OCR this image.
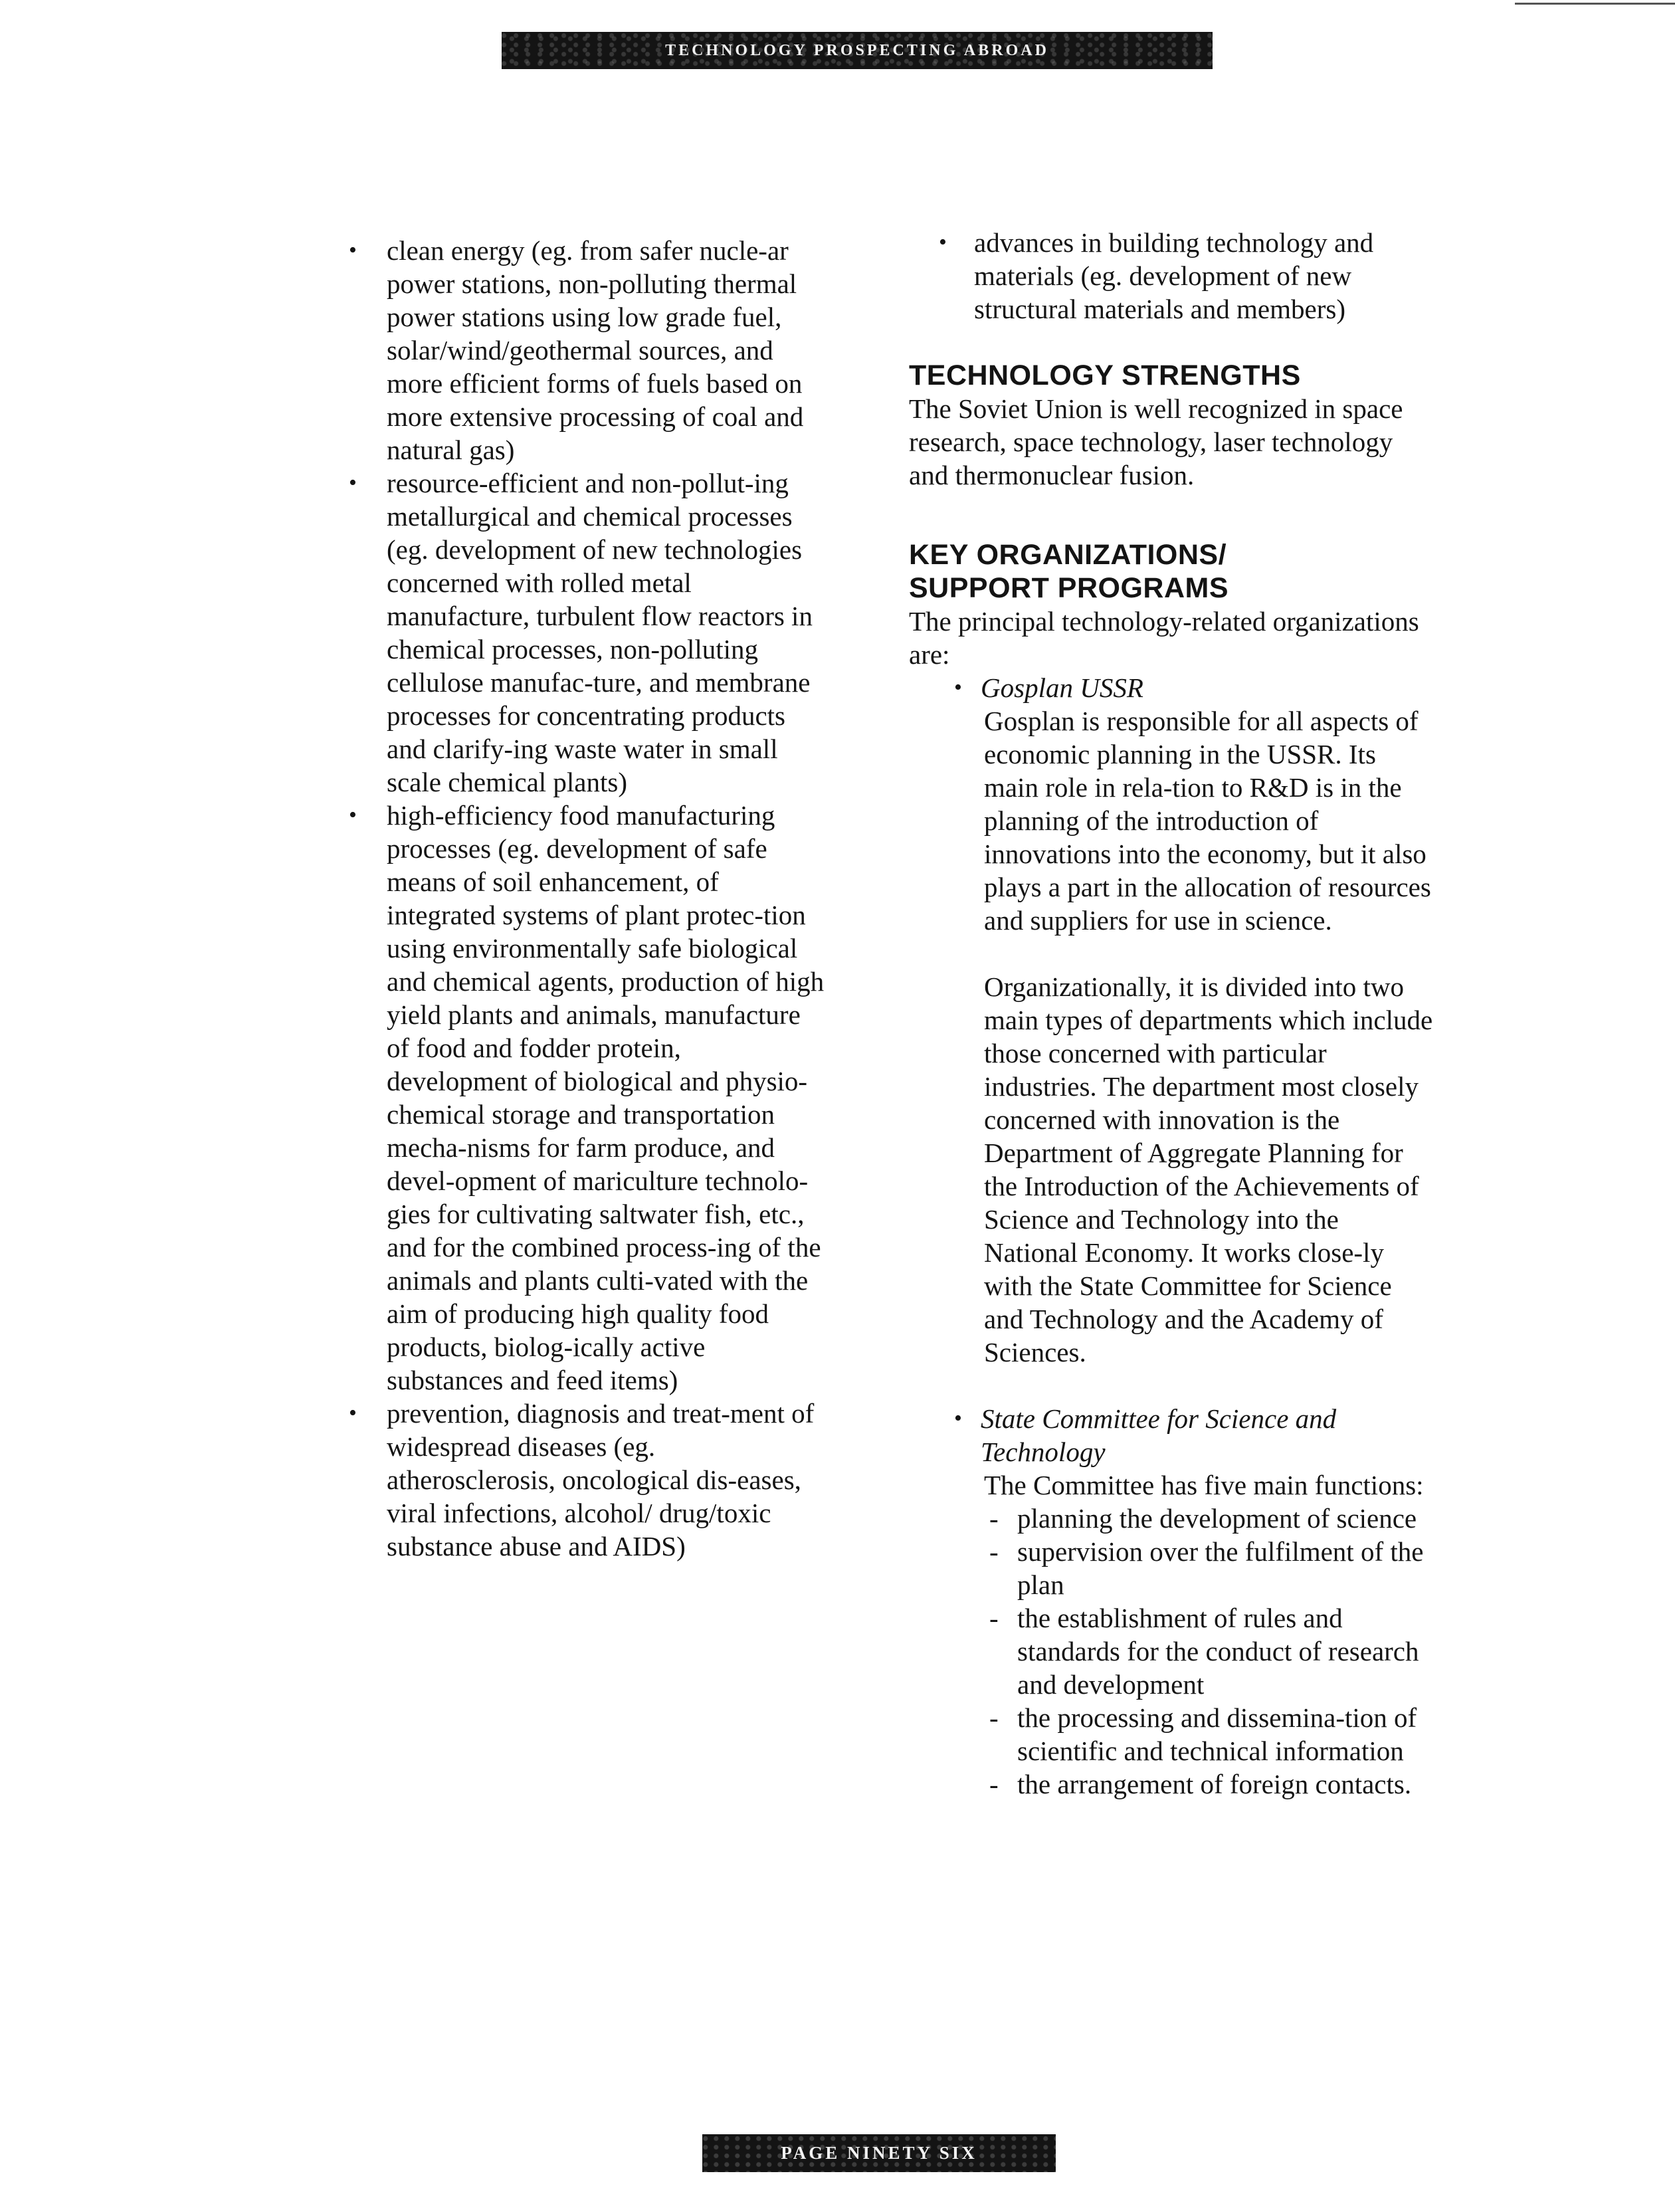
TECHNOLOGY PROSPECTING ABROAD
• clean energy (eg. from safer nucle-ar power stations, non-polluting thermal power stations using low grade fuel, solar/wind/geothermal sources, and more efficient forms of fuels based on more extensive processing of coal and natural gas)
• resource-efficient and non-pollut-ing metallurgical and chemical processes (eg. development of new technologies concerned with rolled metal manufacture, turbulent flow reactors in chemical processes, non-polluting cellulose manufac-ture, and membrane processes for concentrating products and clarify-ing waste water in small scale chemical plants)
• high-efficiency food manufacturing processes (eg. development of safe means of soil enhancement, of integrated systems of plant protec-tion using environmentally safe biological and chemical agents, production of high yield plants and animals, manufacture of food and fodder protein, development of biological and physio-chemical storage and transportation mecha-nisms for farm produce, and devel-opment of mariculture technolo-gies for cultivating saltwater fish, etc., and for the combined process-ing of the animals and plants culti-vated with the aim of producing high quality food products, biolog-ically active substances and feed items)
• prevention, diagnosis and treat-ment of widespread diseases (eg. atherosclerosis, oncological dis-eases, viral infections, alcohol/ drug/toxic substance abuse and AIDS)
• advances in building technology and materials (eg. development of new structural materials and members)
TECHNOLOGY STRENGTHS

The Soviet Union is well recognized in space research, space technology, laser technology and thermonuclear fusion.

KEY ORGANIZATIONS/
SUPPORT PROGRAMS

The principal technology-related organizations are:

• Gosplan USSR

Gosplan is responsible for all aspects of economic planning in the USSR. Its main role in rela-tion to R&D is in the planning of the introduction of innovations into the economy, but it also plays a part in the allocation of resources and suppliers for use in science.

Organizationally, it is divided into two main types of departments which include those concerned with particular industries. The department most closely concerned with innovation is the Department of Aggregate Planning for the Introduction of the Achievements of Science and Technology into the National Economy. It works close-ly with the State Committee for Science and Technology and the Academy of Sciences.

• State Committee for Science and Technology

The Committee has five main functions:

- planning the development of science
- supervision over the fulfilment of the plan
- the establishment of rules and standards for the conduct of research and development
- the processing and dissemina-tion of scientific and technical information
- the arrangement of foreign contacts.
PAGE NINETY SIX
